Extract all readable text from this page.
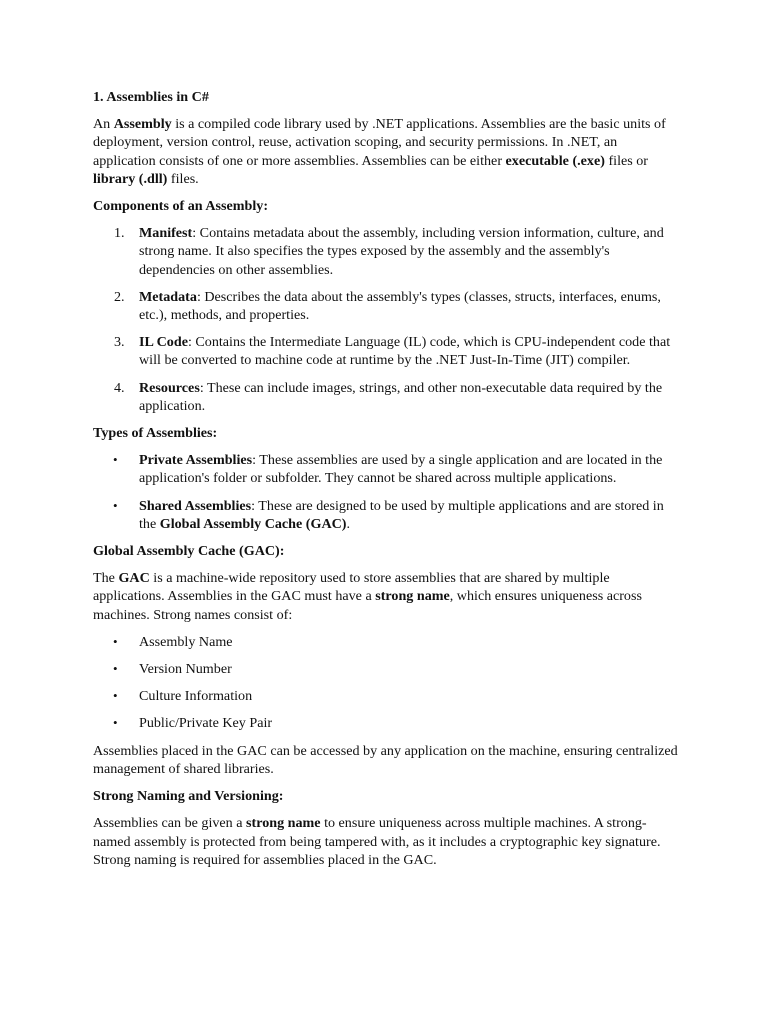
1. Assemblies in C#

An Assembly is a compiled code library used by .NET applications. Assemblies are the basic units of deployment, version control, reuse, activation scoping, and security permissions. In .NET, an application consists of one or more assemblies. Assemblies can be either executable (.exe) files or library (.dll) files.

Components of an Assembly:

1. Manifest: Contains metadata about the assembly, including version information, culture, and strong name. It also specifies the types exposed by the assembly and the assembly's dependencies on other assemblies.
2. Metadata: Describes the data about the assembly's types (classes, structs, interfaces, enums, etc.), methods, and properties.
3. IL Code: Contains the Intermediate Language (IL) code, which is CPU-independent code that will be converted to machine code at runtime by the .NET Just-In-Time (JIT) compiler.
4. Resources: These can include images, strings, and other non-executable data required by the application.

Types of Assemblies:

• Private Assemblies: These assemblies are used by a single application and are located in the application's folder or subfolder. They cannot be shared across multiple applications.
• Shared Assemblies: These are designed to be used by multiple applications and are stored in the Global Assembly Cache (GAC).

Global Assembly Cache (GAC):

The GAC is a machine-wide repository used to store assemblies that are shared by multiple applications. Assemblies in the GAC must have a strong name, which ensures uniqueness across machines. Strong names consist of:

• Assembly Name
• Version Number
• Culture Information
• Public/Private Key Pair

Assemblies placed in the GAC can be accessed by any application on the machine, ensuring centralized management of shared libraries.

Strong Naming and Versioning:

Assemblies can be given a strong name to ensure uniqueness across multiple machines. A strong-named assembly is protected from being tampered with, as it includes a cryptographic key signature. Strong naming is required for assemblies placed in the GAC.
